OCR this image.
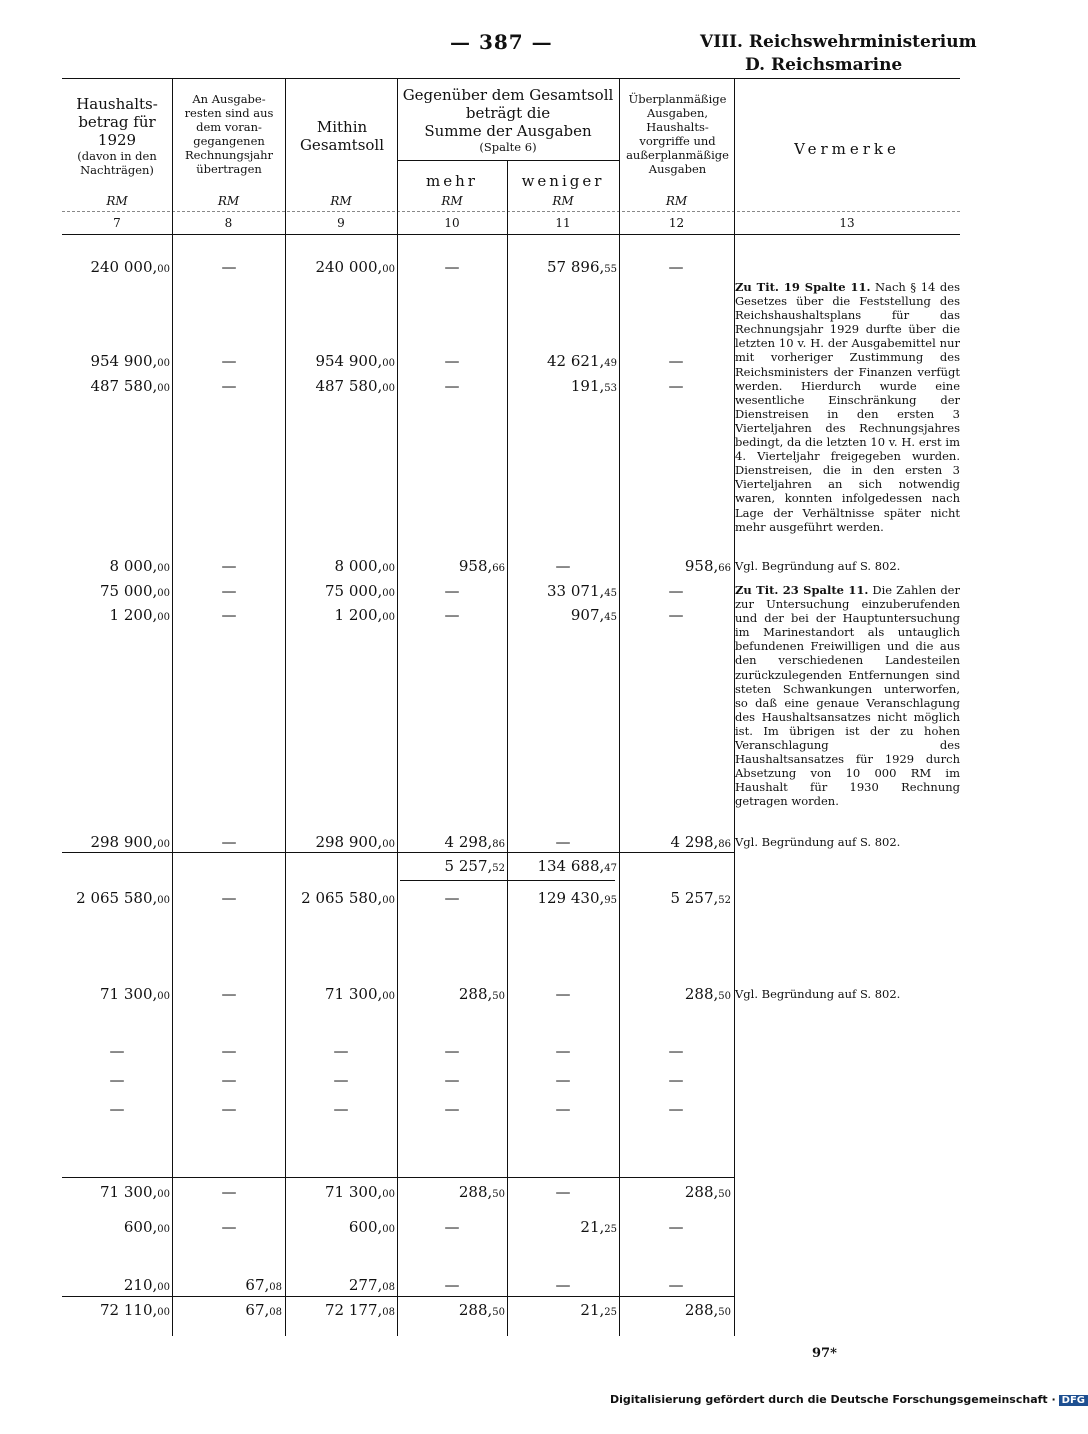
— 387 —	VIII. Reichswehrministerium
D. Reichsmarine
Haushalts-
betrag für
1929
(davon in den
Nachträgen)
An Ausgabe-
resten sind aus
dem voran-
gegangenen
Rechnungsjahr
übertragen
Mithin
Gesamtsoll
Gegenüber dem Gesamtsoll
beträgt die
Summe der Ausgaben
(Spalte 6)
mehr	weniger
Überplanmäßige
Ausgaben,
Haushalts-
vorgriffe und
außerplanmäßige
Ausgaben
Vermerke
RM	RM	RM	RM	RM	RM
7	8	9	10	11	12	13
240 000,00	—	240 000,00	—	57 896,55	—
954 900,00	—	954 900,00	—	42 621,49	—
487 580,00	—	487 580,00	—	191,53	—
8 000,00	—	8 000,00	958,66	—	958,66
75 000,00	—	75 000,00	—	33 071,45	—
1 200,00	—	1 200,00	—	907,45	—
298 900,00	—	298 900,00	4 298,86	—	4 298,86
5 257,52 134 688,47
2 065 580,00	—	2 065 580,00	—	129 430,95	5 257,52
71 300,00	—	71 300,00	288,50	—	288,50
—	—	—	—	—	—
—	—	—	—	—	—
—	—	—	—	—	—
71 300,00	—	71 300,00	288,50	—	288,50
600,00	—	600,00	—	21,25	—
210,00	67,08	277,08	—	—	—
72 110,00	67,08	72 177,08	288,50	21,25	288,50
Zu Tit. 19 Spalte 11. Nach § 14 des Gesetzes über die Feststellung des Reichshaushaltsplans für das Rechnungsjahr 1929 durfte über die letzten 10 v. H. der Ausgabemittel nur mit vorheriger Zustimmung des Reichsministers der Finanzen verfügt werden. Hierdurch wurde eine wesentliche Einschränkung der Dienstreisen in den ersten 3 Vierteljahren des Rechnungsjahres bedingt, da die letzten 10 v. H. erst im 4. Vierteljahr freigegeben wurden. Dienstreisen, die in den ersten 3 Vierteljahren an sich notwendig waren, konnten infolgedessen nach Lage der Verhältnisse später nicht mehr ausgeführt werden.
Vgl. Begründung auf S. 802.
Zu Tit. 23 Spalte 11. Die Zahlen der zur Untersuchung einzuberufenden und der bei der Hauptuntersuchung im Marinestandort als untauglich befundenen Freiwilligen und die aus den verschiedenen Landesteilen zurückzulegenden Entfernungen sind steten Schwankungen unterworfen, so daß eine genaue Veranschlagung des Haushaltsansatzes nicht möglich ist. Im übrigen ist der zu hohen Veranschlagung des Haushaltsansatzes für 1929 durch Absetzung von 10 000 RM im Haushalt für 1930 Rechnung getragen worden.
Vgl. Begründung auf S. 802.
Vgl. Begründung auf S. 802.
97*
Digitalisierung gefördert durch die Deutsche Forschungsgemeinschaft · DFG
